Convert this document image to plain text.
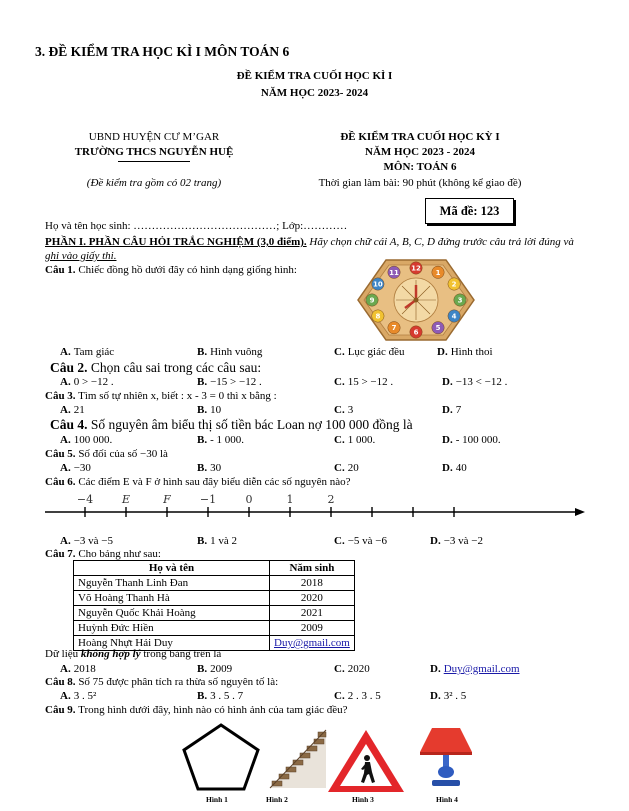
3. ĐỀ KIỂM TRA HỌC KÌ I MÔN TOÁN 6
ĐỀ KIỂM TRA CUỐI HỌC KÌ I
NĂM HỌC 2023- 2024
UBND HUYỆN CƯ M’GAR
TRƯỜNG THCS NGUYỄN HUỆ
(Đề kiểm tra gồm có 02 trang)
ĐỀ KIỂM TRA CUỐI HỌC KỲ I
NĂM HỌC 2023 - 2024
MÔN: TOÁN 6
Thời gian làm bài: 90 phút (không kể giao đề)
Mã đề: 123
Họ và tên học sinh: …………………………………; Lớp:…………
PHẦN I. PHẦN CÂU HỎI TRẮC NGHIỆM (3,0 điểm). Hãy chọn chữ cái A, B, C, D đứng trước câu trả lời đúng và
ghi vào giấy thi.
Câu 1. Chiếc đồng hồ dưới đây có hình dạng giống hình:	12
1
2
3
4
5
6
7
8
9
10
11
A. Tam giác	B. Hình vuông	C. Lục giác đều	D. Hình thoi
Câu 2. Chọn câu sai trong các câu sau:
A. 0 > −12 .	B. −15 > −12 .	C. 15 > −12 .	D. −13 < −12 .
Câu 3. Tìm số tự nhiên x, biết : x - 3 = 0 thì x bằng :
A. 21	B. 10	C. 3	D. 7
Câu 4. Số nguyên âm biểu thị số tiền bác Loan nợ 100 000 đồng là
A. 100 000.	B. - 1 000.	C. 1 000.	D. - 100 000.
Câu 5. Số đối của số −30 là
A. −30	B. 30	C. 20	D. 40
Câu 6. Các điểm E và F ở hình sau đây biểu diễn các số nguyên nào?
−4	E	F	−1	0	1	2
A. −3 và −5	B. 1 và 2	C. −5 và −6	D. −3 và −2
Câu 7. Cho bảng như sau:
Họ và tên	Năm sinh
Nguyễn Thanh Linh Đan	2018
Võ Hoàng Thanh Hà	2020
Nguyễn Quốc Khải Hoàng	2021
Huỳnh Đức Hiền	2009
Hoàng Nhựt Hải Duy	Duy@gmail.com
Dữ liệu không hợp lý trong bảng trên là
A. 2018	B. 2009	C. 2020	D. Duy@gmail.com
Câu 8. Số 75 được phân tích ra thừa số nguyên tố là:
A. 3 . 5²	B. 3 . 5 . 7	C. 2 . 3 . 5	D. 3² . 5
Câu 9. Trong hình dưới đây, hình nào có hình ảnh của tam giác đều?
Hình 1	Hình 2	Hình 3	Hình 4
